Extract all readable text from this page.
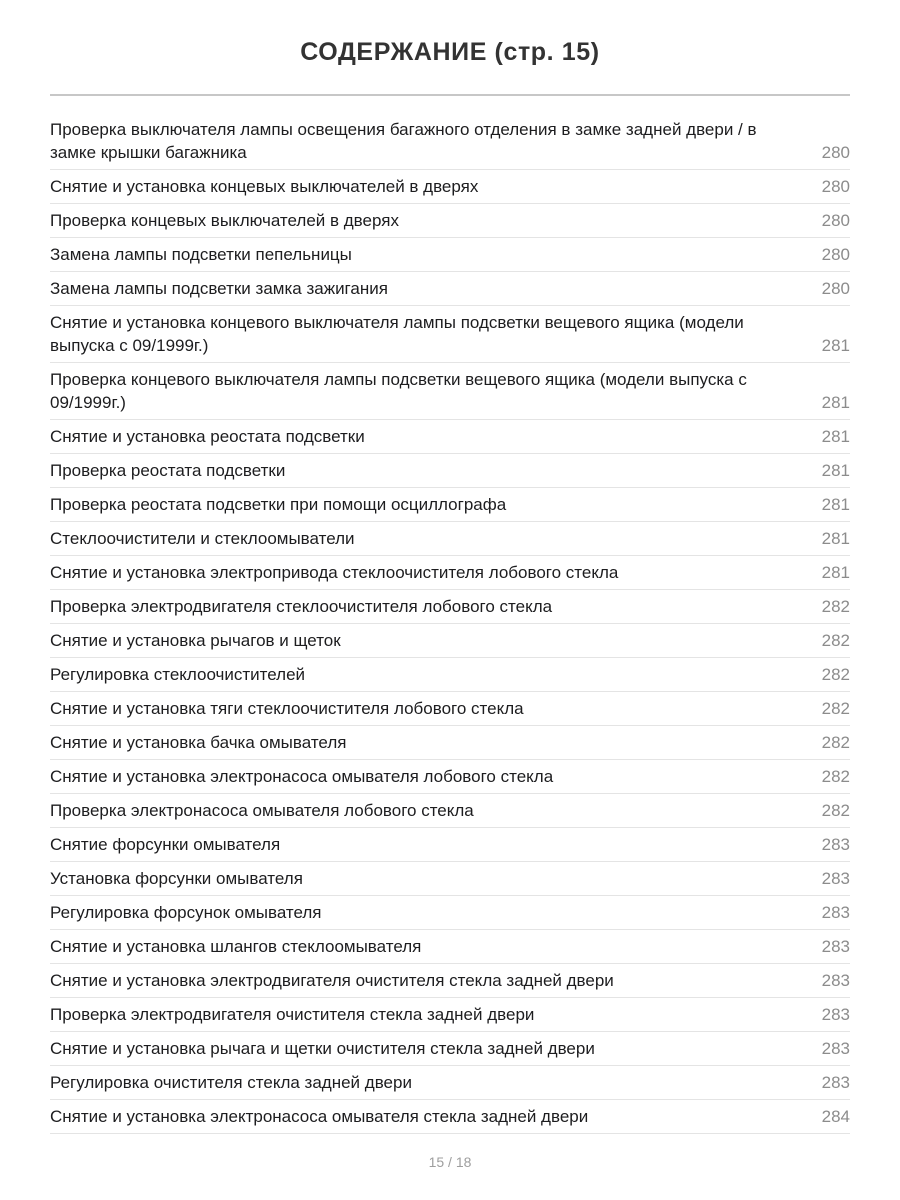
СОДЕРЖАНИЕ (стр. 15)
Проверка выключателя лампы освещения багажного отделения в замке задней двери / в замке крышки багажника	280
Снятие и установка концевых выключателей в дверях	280
Проверка концевых выключателей в дверях	280
Замена лампы подсветки пепельницы	280
Замена лампы подсветки замка зажигания	280
Снятие и установка концевого выключателя лампы подсветки вещевого ящика (модели выпуска с 09/1999г.)	281
Проверка концевого выключателя лампы подсветки вещевого ящика (модели выпуска с 09/1999г.)	281
Снятие и установка реостата подсветки	281
Проверка реостата подсветки	281
Проверка реостата подсветки при помощи осциллографа	281
Стеклоочистители и стеклоомыватели	281
Снятие и установка электропривода стеклоочистителя лобового стекла	281
Проверка электродвигателя стеклоочистителя лобового стекла	282
Снятие и установка рычагов и щеток	282
Регулировка стеклоочистителей	282
Снятие и установка тяги стеклоочистителя лобового стекла	282
Снятие и установка бачка омывателя	282
Снятие и установка электронасоса омывателя лобового стекла	282
Проверка электронасоса омывателя лобового стекла	282
Снятие форсунки омывателя	283
Установка форсунки омывателя	283
Регулировка форсунок омывателя	283
Снятие и установка шлангов стеклоомывателя	283
Снятие и установка электродвигателя очистителя стекла задней двери	283
Проверка электродвигателя очистителя стекла задней двери	283
Снятие и установка рычага и щетки очистителя стекла задней двери	283
Регулировка очистителя стекла задней двери	283
Снятие и установка электронасоса омывателя стекла задней двери	284
15 / 18
